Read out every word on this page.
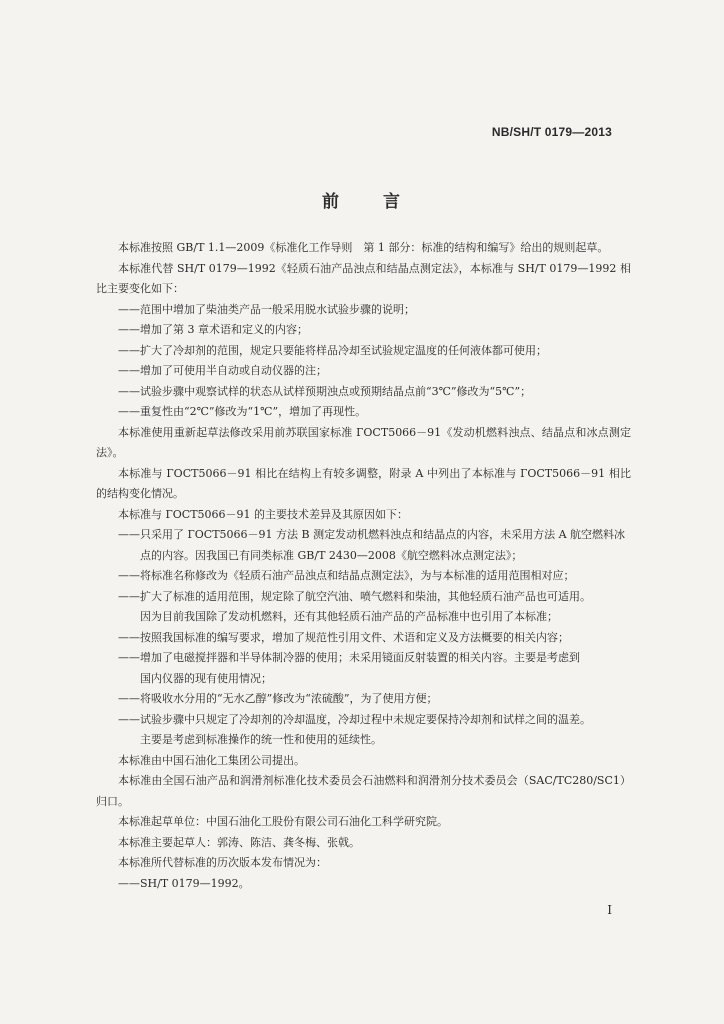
NB/SH/T 0179—2013
前 言

本标准按照 GB/T 1.1—2009《标准化工作导则　第 1 部分：标准的结构和编写》给出的规则起草。

本标准代替 SH/T 0179—1992《轻质石油产品浊点和结晶点测定法》，本标准与 SH/T 0179—1992 相比主要变化如下：

——范围中增加了柴油类产品一般采用脱水试验步骤的说明；

——增加了第 3 章术语和定义的内容；

——扩大了冷却剂的范围，规定只要能将样品冷却至试验规定温度的任何液体都可使用；

——增加了可使用半自动或自动仪器的注；

——试验步骤中观察试样的状态从试样预期浊点或预期结晶点前“3℃”修改为“5℃”；

——重复性由“2℃”修改为“1℃”，增加了再现性。

本标准使用重新起草法修改采用前苏联国家标准 ГОСТ5066－91《发动机燃料浊点、结晶点和冰点测定法》。

本标准与 ГОСТ5066－91 相比在结构上有较多调整，附录 A 中列出了本标准与 ГОСТ5066－91 相比的结构变化情况。

本标准与 ГОСТ5066－91 的主要技术差异及其原因如下：

——只采用了 ГОСТ5066－91 方法 B 测定发动机燃料浊点和结晶点的内容，未采用方法 A 航空燃料冰点的内容。因我国已有同类标准 GB/T 2430—2008《航空燃料冰点测定法》；

——将标准名称修改为《轻质石油产品浊点和结晶点测定法》，为与本标准的适用范围相对应；

——扩大了标准的适用范围，规定除了航空汽油、喷气燃料和柴油，其他轻质石油产品也可适用。

因为目前我国除了发动机燃料，还有其他轻质石油产品的产品标准中也引用了本标准；

——按照我国标准的编写要求，增加了规范性引用文件、术语和定义及方法概要的相关内容；

——增加了电磁搅拌器和半导体制冷器的使用；未采用镜面反射装置的相关内容。主要是考虑到

国内仪器的现有使用情况；

——将吸收水分用的“无水乙醇”修改为“浓硫酸”，为了使用方便；

——试验步骤中只规定了冷却剂的冷却温度，冷却过程中未规定要保持冷却剂和试样之间的温差。

主要是考虑到标准操作的统一性和使用的延续性。

本标准由中国石油化工集团公司提出。

本标准由全国石油产品和润滑剂标准化技术委员会石油燃料和润滑剂分技术委员会（SAC/TC280/SC1）归口。

本标准起草单位：中国石油化工股份有限公司石油化工科学研究院。

本标准主要起草人：郭涛、陈洁、龚冬梅、张戟。

本标准所代替标准的历次版本发布情况为：

——SH/T 0179—1992。

I
